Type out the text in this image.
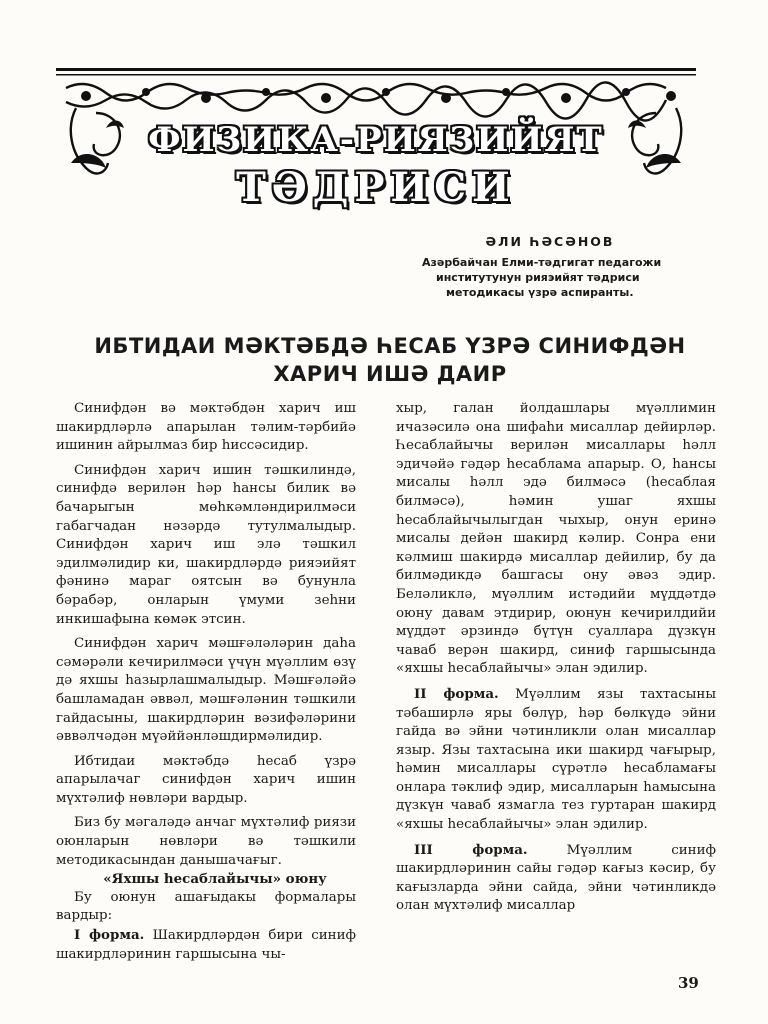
ФИЗИКА-РИЯЗИЙЯТ
ТӘДРИСИ
ӘЛИ ҺӘСӘНОВ
Азәрбайчан Елми-тәдгигат педагожи
институтунун рияэийят тәдриси
методикасы үзрә аспиранты.
ИБТИДАИ МӘКТӘБДӘ ҺЕСАБ ҮЗРӘ СИНИФДӘН
ХАРИЧ ИШӘ ДАИР

Синифдән вә мәктәбдән харич иш шакирдләрлә апарылан тәлим-тәрбийә ишинин айрылмаз бир һиссәсидир.

Синифдән харич ишин тәшкилиндә, синифдә верилән һәр һансы билик вә бачарыгын мөһкәмләндирилмәси габагчадан нәзәрдә тутулмалыдыр. Синифдән харич иш элә тәшкил эдилмәлидир ки, шакирдләрдә рияэийят фәнинә мараг оятсын вә бунунла бәрабәр, онларын үмуми зеһни инкишафына көмәк этсин.

Синифдән харич мәшғәләләрин даһа сәмәрәли кечирилмәси үчүн мүәллим өзү дә яхшы һазырлашмалыдыр. Мәшғәләйә башламадан әввәл, мәшғәләнин тәшкили гайдасыны, шакирдләрин вәзифәләрини әввәлчәдән мүәййәнләшдирмәлидир.

Ибтидаи мәктәбдә һесаб үзрә апарылачаг синифдән харич ишин мүхтәлиф нөвләри вардыр.

Биз бу мәгаләдә анчаг мүхтәлиф риязи оюнларын нөвләри вә тәшкили методикасындан данышачағыг.

«Яхшы һесаблайычы» оюну

Бу оюнун ашағыдакы формалары вардыр:

I форма. Шакирдләрдән бири синиф шакирдләринин гаршысына чы-

хыр, галан йолдашлары мүәллимин ичазәсилә она шифаһи мисаллар дейирләр. Һесаблайычы верилән мисаллары һәлл эдичәйә гәдәр һесаблама апарыр. О, һансы мисалы һәлл эдә билмәсә (һесаблая билмәсә), һәмин ушаг яхшы һесаблайычылыгдан чыхыр, онун еринә мисалы дейән шакирд кәлир. Сонра ени кәлмиш шакирдә мисаллар дейилир, бу да билмәдикдә башгасы ону әвәз эдир. Беләликлә, мүәллим истәдийи мүддәтдә оюну давам этдирир, оюнун кечирилдийи мүддәт әрзиндә бүтүн суаллара дүзкүн чаваб верән шакирд, синиф гаршысында «яхшы һесаблайычы» элан эдилир.

II форма. Мүәллим язы тахтасыны тәбаширлә яры бөлүр, һәр бөлкүдә эйни гайда вә эйни чәтинликли олан мисаллар языр. Язы тахтасына ики шакирд чағырыр, һәмин мисаллары сүрәтлә һесабламағы онлара тәклиф эдир, мисалларын һамысына дүзкүн чаваб язмагла тез гуртаран шакирд «яхшы һесаблайычы» элан эдилир.

III форма. Мүәллим синиф шакирдләринин сайы гәдәр кағыз кәсир, бу кағызларда эйни сайда, эйни чәтинликдә олан мүхтәлиф мисаллар

39
